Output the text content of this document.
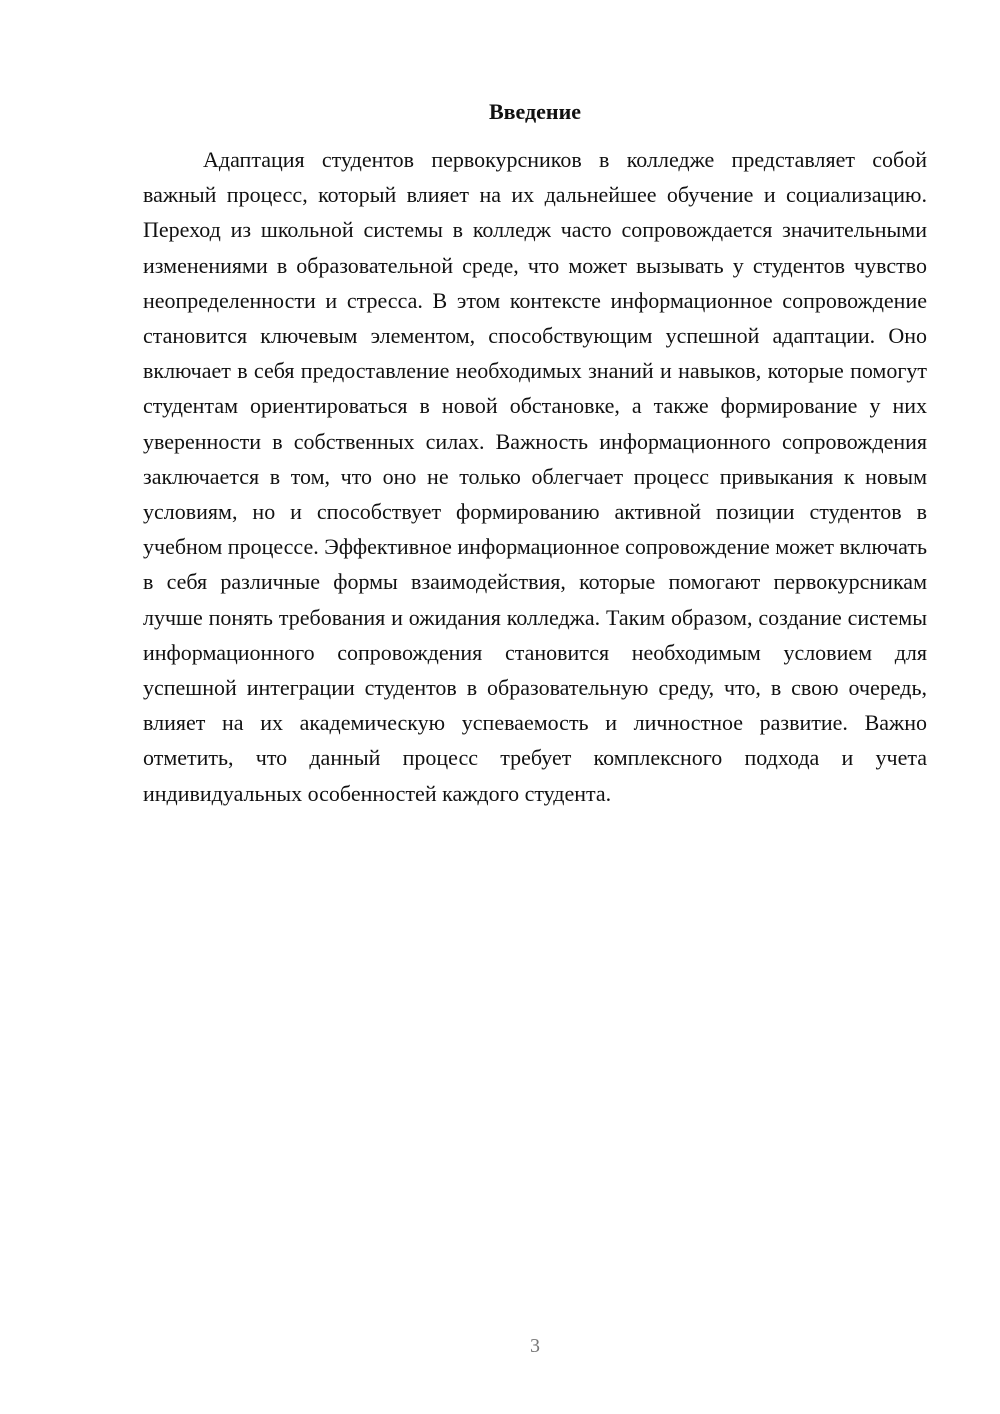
Введение

Адаптация студентов первокурсников в колледже представляет собой важный процесс, который влияет на их дальнейшее обучение и социализацию. Переход из школьной системы в колледж часто сопровождается значительными изменениями в образовательной среде, что может вызывать у студентов чувство неопределенности и стресса. В этом контексте информационное сопровождение становится ключевым элементом, способствующим успешной адаптации. Оно включает в себя предоставление необходимых знаний и навыков, которые помогут студентам ориентироваться в новой обстановке, а также формирование у них уверенности в собственных силах. Важность информационного сопровождения заключается в том, что оно не только облегчает процесс привыкания к новым условиям, но и способствует формированию активной позиции студентов в учебном процессе. Эффективное информационное сопровождение может включать в себя различные формы взаимодействия, которые помогают первокурсникам лучше понять требования и ожидания колледжа. Таким образом, создание системы информационного сопровождения становится необходимым условием для успешной интеграции студентов в образовательную среду, что, в свою очередь, влияет на их академическую успеваемость и личностное развитие. Важно отметить, что данный процесс требует комплексного подхода и учета индивидуальных особенностей каждого студента.

3
